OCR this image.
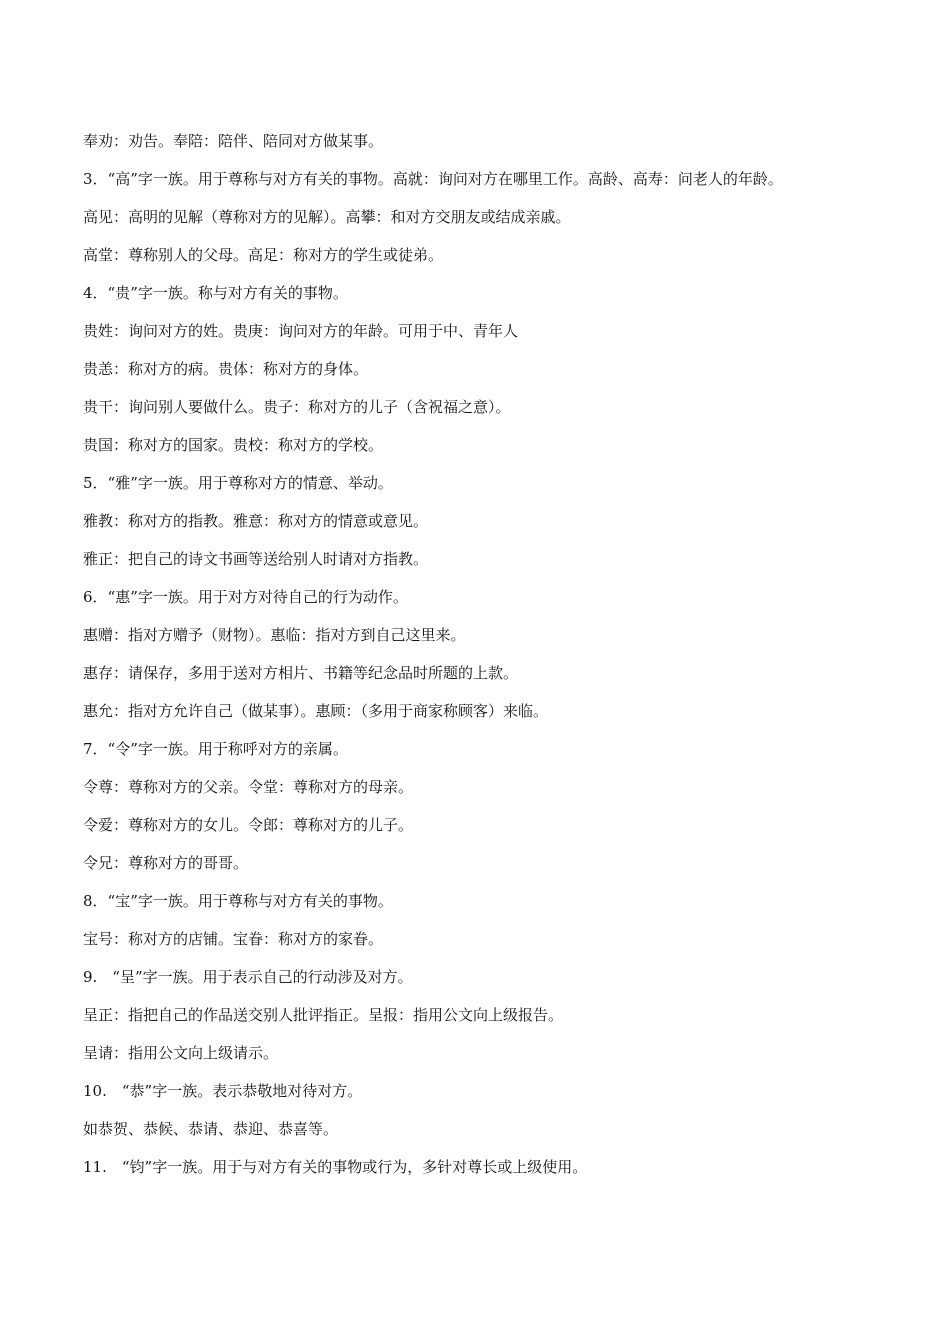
奉劝：劝告。奉陪：陪伴、陪同对方做某事。
3．“高”字一族。用于尊称与对方有关的事物。高就：询问对方在哪里工作。高龄、高寿：问老人的年龄。
高见：高明的见解（尊称对方的见解）。高攀：和对方交朋友或结成亲戚。
高堂：尊称别人的父母。高足：称对方的学生或徒弟。
4．“贵”字一族。称与对方有关的事物。
贵姓：询问对方的姓。贵庚：询问对方的年龄。可用于中、青年人
贵恙：称对方的病。贵体：称对方的身体。
贵干：询问别人要做什么。贵子：称对方的儿子（含祝福之意）。
贵国：称对方的国家。贵校：称对方的学校。
5．“雅”字一族。用于尊称对方的情意、举动。
雅教：称对方的指教。雅意：称对方的情意或意见。
雅正：把自己的诗文书画等送给别人时请对方指教。
6．“惠”字一族。用于对方对待自己的行为动作。
惠赠：指对方赠予（财物）。惠临：指对方到自己这里来。
惠存：请保存，多用于送对方相片、书籍等纪念品时所题的上款。
惠允：指对方允许自己（做某事）。惠顾：（多用于商家称顾客）来临。
7．“令”字一族。用于称呼对方的亲属。
令尊：尊称对方的父亲。令堂：尊称对方的母亲。
令爱：尊称对方的女儿。令郎：尊称对方的儿子。
令兄：尊称对方的哥哥。
8．“宝”字一族。用于尊称与对方有关的事物。
宝号：称对方的店铺。宝眷：称对方的家眷。
9.　“呈”字一族。用于表示自己的行动涉及对方。
呈正：指把自己的作品送交别人批评指正。呈报：指用公文向上级报告。
呈请：指用公文向上级请示。
10.　“恭”字一族。表示恭敬地对待对方。
如恭贺、恭候、恭请、恭迎、恭喜等。
11.　“钧”字一族。用于与对方有关的事物或行为，多针对尊长或上级使用。
